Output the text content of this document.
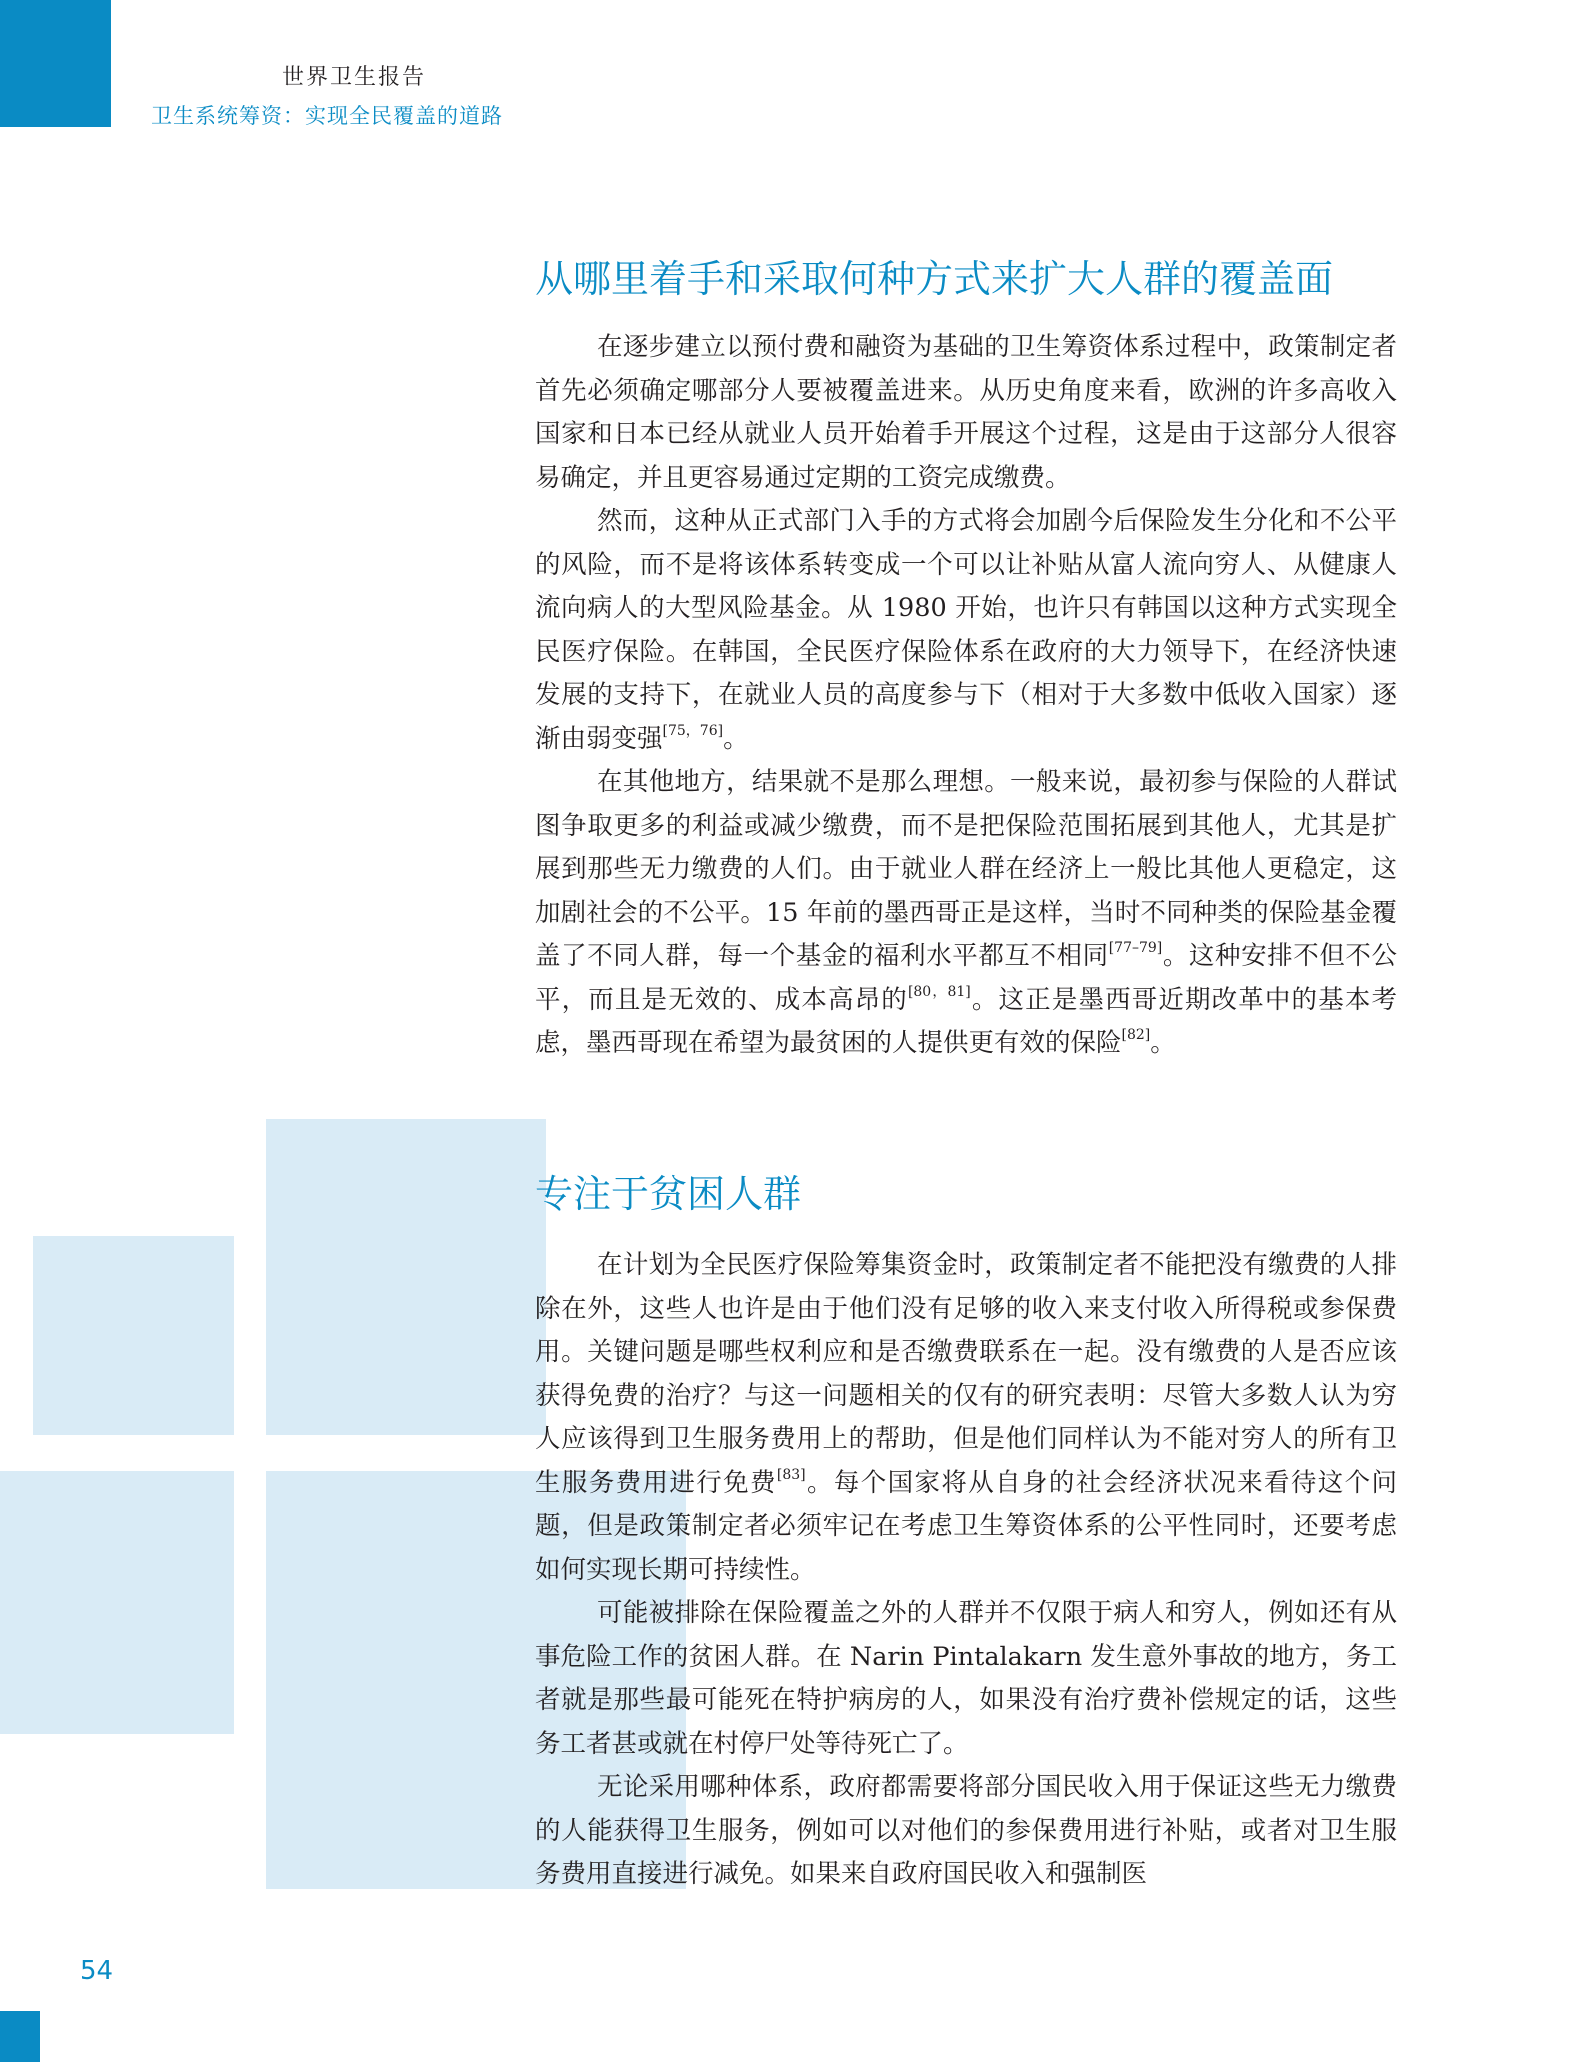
世界卫生报告
卫生系统筹资：实现全民覆盖的道路
从哪里着手和采取何种方式来扩大人群的覆盖面

在逐步建立以预付费和融资为基础的卫生筹资体系过程中，政策制定者首先必须确定哪部分人要被覆盖进来。从历史角度来看，欧洲的许多高收入国家和日本已经从就业人员开始着手开展这个过程，这是由于这部分人很容易确定，并且更容易通过定期的工资完成缴费。

然而，这种从正式部门入手的方式将会加剧今后保险发生分化和不公平的风险，而不是将该体系转变成一个可以让补贴从富人流向穷人、从健康人流向病人的大型风险基金。从 1980 开始，也许只有韩国以这种方式实现全民医疗保险。在韩国，全民医疗保险体系在政府的大力领导下，在经济快速发展的支持下，在就业人员的高度参与下（相对于大多数中低收入国家）逐渐由弱变强[75，76]。

在其他地方，结果就不是那么理想。一般来说，最初参与保险的人群试图争取更多的利益或减少缴费，而不是把保险范围拓展到其他人，尤其是扩展到那些无力缴费的人们。由于就业人群在经济上一般比其他人更稳定，这加剧社会的不公平。15 年前的墨西哥正是这样，当时不同种类的保险基金覆盖了不同人群，每一个基金的福利水平都互不相同[77–79]。这种安排不但不公平，而且是无效的、成本高昂的[80，81]。这正是墨西哥近期改革中的基本考虑，墨西哥现在希望为最贫困的人提供更有效的保险[82]。

专注于贫困人群

在计划为全民医疗保险筹集资金时，政策制定者不能把没有缴费的人排除在外，这些人也许是由于他们没有足够的收入来支付收入所得税或参保费用。关键问题是哪些权利应和是否缴费联系在一起。没有缴费的人是否应该获得免费的治疗？与这一问题相关的仅有的研究表明：尽管大多数人认为穷人应该得到卫生服务费用上的帮助，但是他们同样认为不能对穷人的所有卫生服务费用进行免费[83]。每个国家将从自身的社会经济状况来看待这个问题，但是政策制定者必须牢记在考虑卫生筹资体系的公平性同时，还要考虑如何实现长期可持续性。

可能被排除在保险覆盖之外的人群并不仅限于病人和穷人，例如还有从事危险工作的贫困人群。在 Narin Pintalakarn 发生意外事故的地方，务工者就是那些最可能死在特护病房的人，如果没有治疗费补偿规定的话，这些务工者甚或就在村停尸处等待死亡了。

无论采用哪种体系，政府都需要将部分国民收入用于保证这些无力缴费的人能获得卫生服务，例如可以对他们的参保费用进行补贴，或者对卫生服务费用直接进行减免。如果来自政府国民收入和强制医

54
